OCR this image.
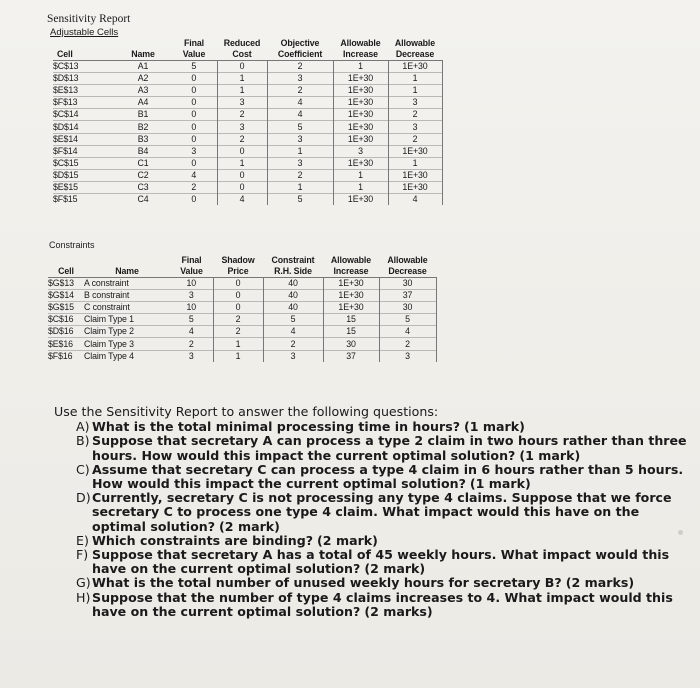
Sensitivity Report
Adjustable Cells
		Final	Reduced	Objective	Allowable	Allowable
Cell	Name	Value	Cost	Coefficient	Increase	Decrease
$C$13	A1	5	0	2	1	1E+30
$D$13	A2	0	1	3	1E+30	1
$E$13	A3	0	1	2	1E+30	1
$F$13	A4	0	3	4	1E+30	3
$C$14	B1	0	2	4	1E+30	2
$D$14	B2	0	3	5	1E+30	3
$E$14	B3	0	2	3	1E+30	2
$F$14	B4	3	0	1	3	1E+30
$C$15	C1	0	1	3	1E+30	1
$D$15	C2	4	0	2	1	1E+30
$E$15	C3	2	0	1	1	1E+30
$F$15	C4	0	4	5	1E+30	4
Constraints
		Final	Shadow	Constraint	Allowable	Allowable
Cell	Name	Value	Price	R.H. Side	Increase	Decrease
$G$13	A constraint	10	0	40	1E+30	30
$G$14	B constraint	3	0	40	1E+30	37
$G$15	C constraint	10	0	40	1E+30	30
$C$16	Claim Type 1	5	2	5	15	5
$D$16	Claim Type 2	4	2	4	15	4
$E$16	Claim Type 3	2	1	2	30	2
$F$16	Claim Type 4	3	1	3	37	3

Use the Sensitivity Report to answer the following questions:

A) What is the total minimal processing time in hours? (1 mark)
B) Suppose that secretary A can process a type 2 claim in two hours rather than three hours. How would this impact the current optimal solution? (1 mark)
C) Assume that secretary C can process a type 4 claim in 6 hours rather than 5 hours. How would this impact the current optimal solution? (1 mark)
D) Currently, secretary C is not processing any type 4 claims. Suppose that we force secretary C to process one type 4 claim. What impact would this have on the optimal solution? (2 mark)
E) Which constraints are binding? (2 mark)
F) Suppose that secretary A has a total of 45 weekly hours. What impact would this have on the current optimal solution? (2 mark)
G) What is the total number of unused weekly hours for secretary B? (2 marks)
H) Suppose that the number of type 4 claims increases to 4. What impact would this have on the current optimal solution? (2 marks)
